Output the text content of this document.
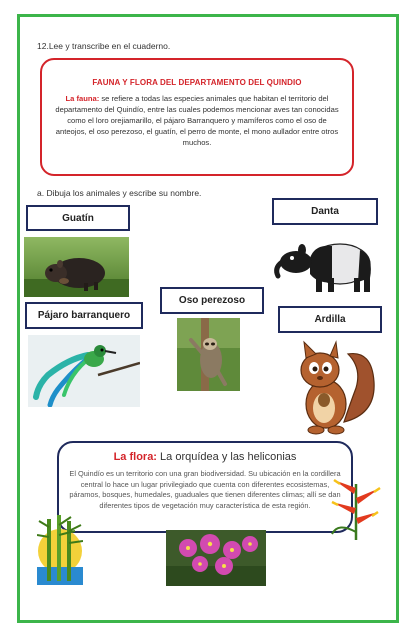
12.Lee y transcribe en el cuaderno.
FAUNA Y FLORA DEL DEPARTAMENTO DEL QUINDIO
La fauna: se refiere a todas las especies animales que habitan el territorio del departamento del Quindío, entre las cuales podemos mencionar aves tan conocidas como el loro orejiamarillo, el pájaro Barranquero y mamíferos como el oso de anteojos, el oso perezoso, el guatín, el perro de monte, el mono aullador entre otros muchos.
a. Dibuja los animales y escribe su nombre.
Guatín
Danta
Oso perezoso
Pájaro barranquero	Ardilla
La flora: La orquídea y las heliconias
El Quindío es un territorio con una gran biodiversidad. Su ubicación en la cordillera central lo hace un lugar privilegiado que cuenta con diferentes ecosistemas, páramos, bosques, humedales, guaduales que tienen diferentes climas; allí se dan diferentes tipos de vegetación muy característica de esta región.
